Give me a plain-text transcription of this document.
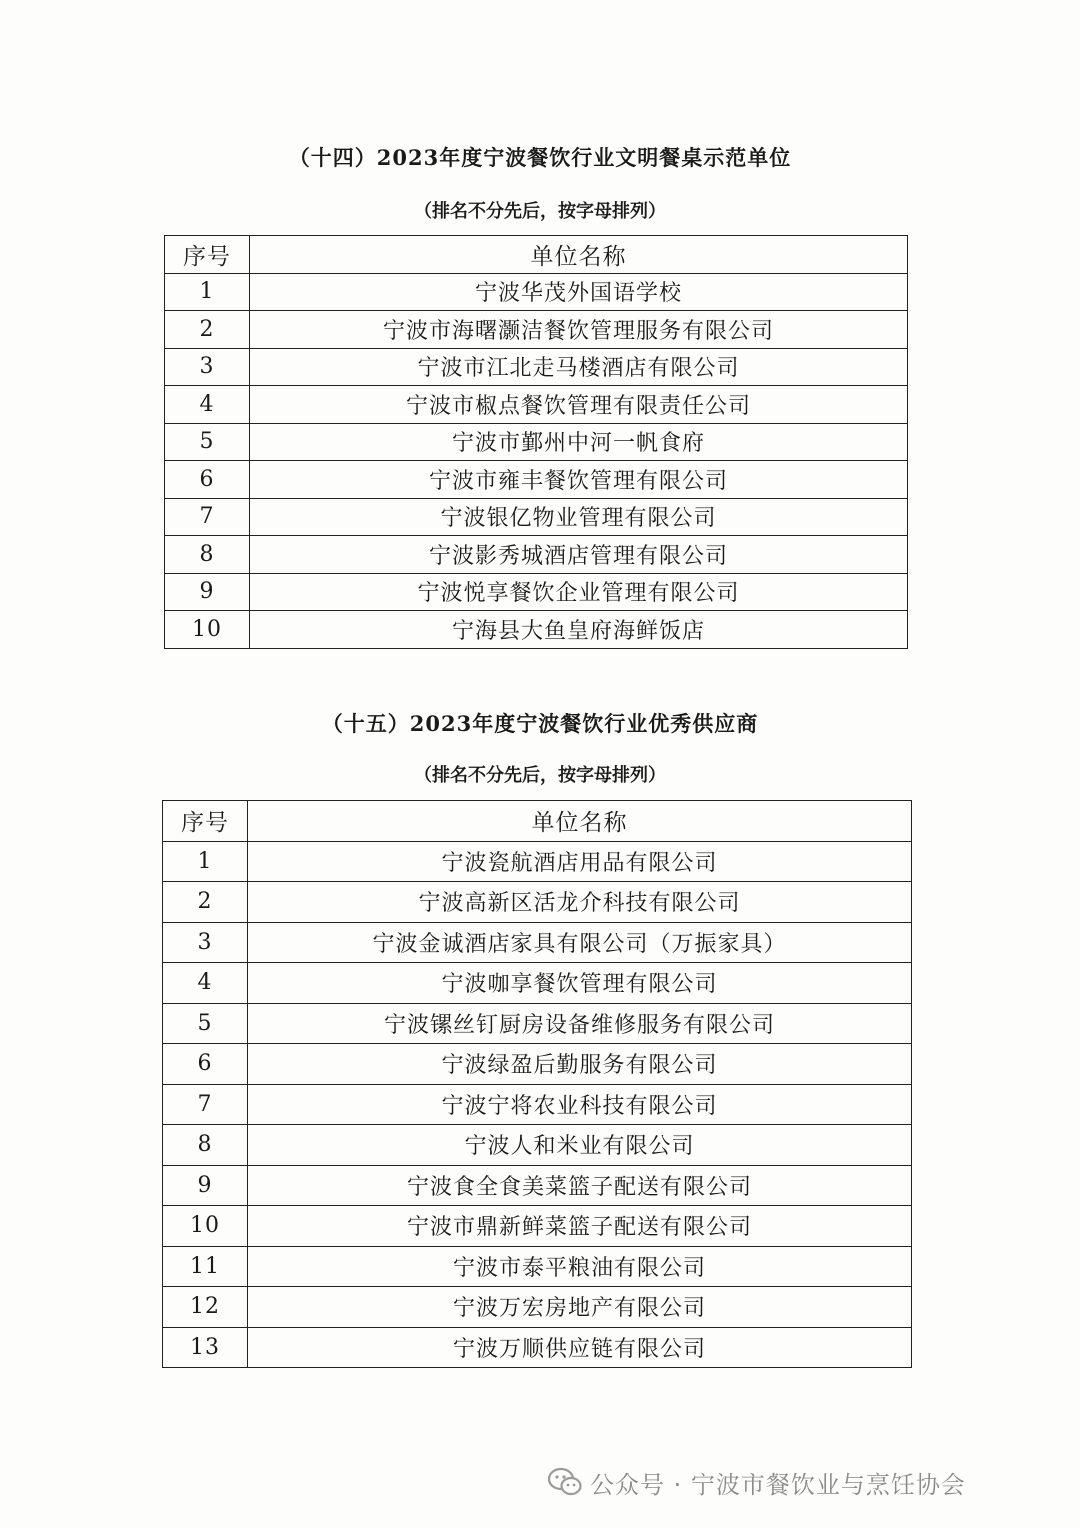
（十四）2023年度宁波餐饮行业文明餐桌示范单位
（排名不分先后，按字母排列）
序号	单位名称
1	宁波华茂外国语学校
2	宁波市海曙灏洁餐饮管理服务有限公司
3	宁波市江北走马楼酒店有限公司
4	宁波市椒点餐饮管理有限责任公司
5	宁波市鄞州中河一帆食府
6	宁波市雍丰餐饮管理有限公司
7	宁波银亿物业管理有限公司
8	宁波影秀城酒店管理有限公司
9	宁波悦享餐饮企业管理有限公司
10	宁海县大鱼皇府海鲜饭店
（十五）2023年度宁波餐饮行业优秀供应商
（排名不分先后，按字母排列）
序号	单位名称
1	宁波瓷航酒店用品有限公司
2	宁波高新区活龙介科技有限公司
3	宁波金诚酒店家具有限公司（万振家具）
4	宁波咖享餐饮管理有限公司
5	宁波镙丝钉厨房设备维修服务有限公司
6	宁波绿盈后勤服务有限公司
7	宁波宁将农业科技有限公司
8	宁波人和米业有限公司
9	宁波食全食美菜篮子配送有限公司
10	宁波市鼎新鲜菜篮子配送有限公司
11	宁波市泰平粮油有限公司
12	宁波万宏房地产有限公司
13	宁波万顺供应链有限公司
公众号 · 宁波市餐饮业与烹饪协会
